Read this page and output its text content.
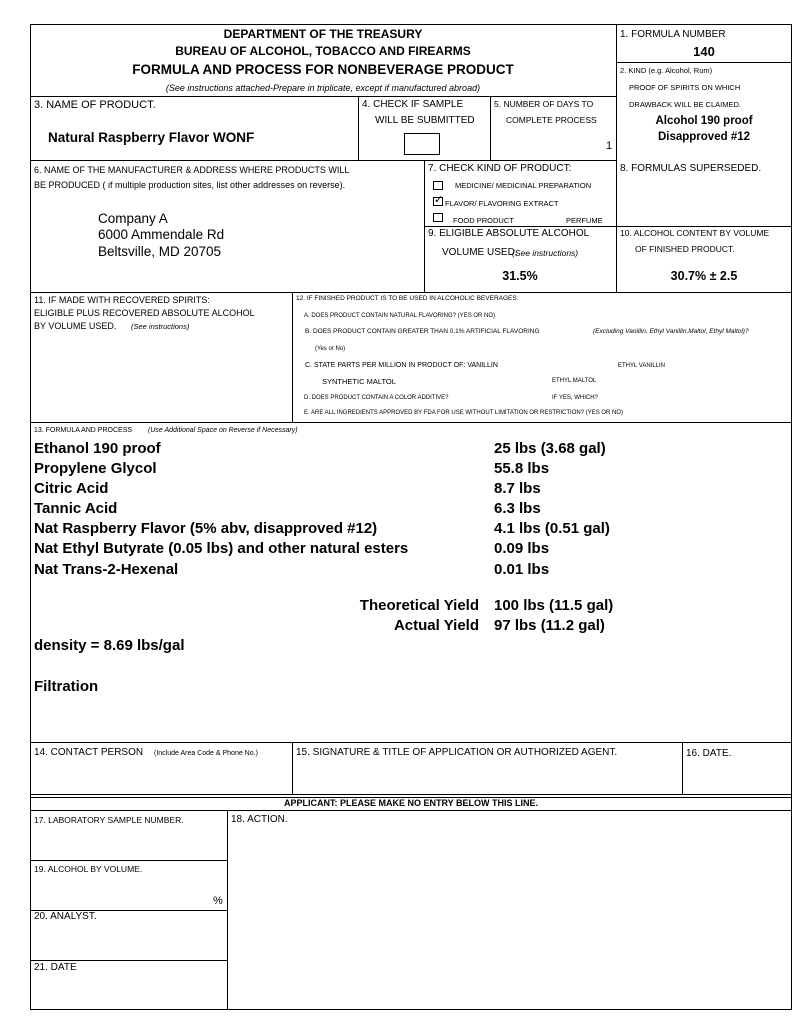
DEPARTMENT OF THE TREASURY
BUREAU OF ALCOHOL, TOBACCO AND FIREARMS
FORMULA AND PROCESS FOR NONBEVERAGE PRODUCT
(See instructions attached-Prepare in triplicate, except if manufactured abroad)
1. FORMULA NUMBER
140
2. KIND (e.g. Alcohol, Rum)
PROOF OF SPIRITS ON WHICH
DRAWBACK WILL BE CLAIMED.
Alcohol 190 proof
Disapproved #12
3. NAME OF PRODUCT.
Natural Raspberry Flavor WONF
4. CHECK IF SAMPLE
WILL BE SUBMITTED
5. NUMBER OF DAYS TO
COMPLETE PROCESS
1
6. NAME OF THE MANUFACTURER & ADDRESS WHERE PRODUCTS WILL
BE PRODUCED ( if multiple production sites, list other addresses on reverse).
Company A
6000 Ammendale Rd
Beltsville, MD 20705
7. CHECK KIND OF PRODUCT:
MEDICINE/ MEDICINAL PREPARATION
✓ FLAVOR/ FLAVORING EXTRACT
FOOD PRODUCT	PERFUME
8. FORMULAS SUPERSEDED.
9. ELIGIBLE ABSOLUTE ALCOHOL
VOLUME USED.
(See instructions)
31.5%
10. ALCOHOL CONTENT BY VOLUME
OF FINISHED PRODUCT.
30.7% ± 2.5
11. IF MADE WITH RECOVERED SPIRITS:
ELIGIBLE PLUS RECOVERED ABSOLUTE ALCOHOL
BY VOLUME USED. (See instructions)
12. IF FINISHED PRODUCT IS TO BE USED IN ALCOHOLIC BEVERAGES:
A. DOES PRODUCT CONTAIN NATURAL FLAVORING? (YES OR NO)
B. DOES PRODUCT CONTAIN GREATER THAN 0.1% ARTIFICIAL FLAVORING	(Excluding Vanillin, Ethyl Vanillin,Maltol, Ethyl Maltol)?
(Yes or No)
C. STATE PARTS PER MILLION IN PRODUCT OF: VANILLIN	ETHYL VANILLIN
SYNTHETIC MALTOL	ETHYL MALTOL
D. DOES PRODUCT CONTAIN A COLOR ADDITIVE?	IF YES, WHICH?
E. ARE ALL INGREDIENTS APPROVED BY FDA FOR USE WITHOUT LIMITATION OR RESTRICTION? (YES OR NO)
13. FORMULA AND PROCESS (Use Additional Space on Reverse if Necessary)
Ethanol 190 proof	25 lbs (3.68 gal)
Propylene Glycol	55.8 lbs
Citric Acid	8.7 lbs
Tannic Acid	6.3 lbs
Nat Raspberry Flavor (5% abv, disapproved #12)	4.1 lbs (0.51 gal)
Nat Ethyl Butyrate (0.05 lbs) and other natural esters	0.09 lbs
Nat Trans-2-Hexenal	0.01 lbs
Theoretical Yield 100 lbs (11.5 gal)
Actual Yield 97 lbs (11.2 gal)
density = 8.69 lbs/gal
Filtration
14. CONTACT PERSON (Include Area Code & Phone No.)	15. SIGNATURE & TITLE OF APPLICATION OR AUTHORIZED AGENT.	16. DATE.
APPLICANT: PLEASE MAKE NO ENTRY BELOW THIS LINE.
17. LABORATORY SAMPLE NUMBER.	18. ACTION.
19. ALCOHOL BY VOLUME.
%
20. ANALYST.
21. DATE
